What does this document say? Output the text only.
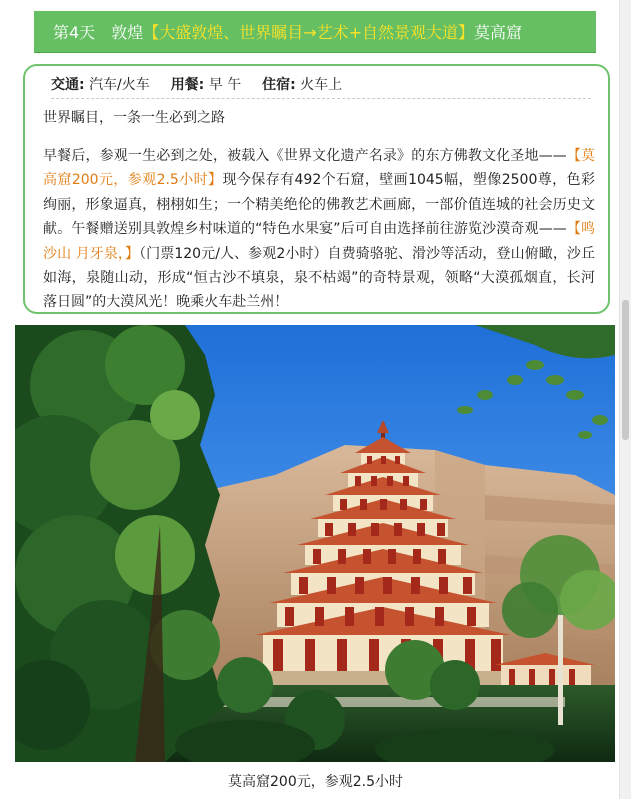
第4天 敦煌 【大盛敦煌、世界瞩目→艺术+自然景观大道】 莫高窟
交通: 汽车/火车 用餐: 早 午 住宿: 火车上
世界瞩目，一条一生必到之路

早餐后，参观一生必到之处，被载入《世界文化遗产名录》的东方佛教文化圣地——【莫高窟200元，参观2.5小时】现今保存有492个石窟，壁画1045幅，塑像2500尊，色彩绚丽，形象逼真，栩栩如生；一个精美绝伦的佛教艺术画廊，一部价值连城的社会历史文献。午餐赠送别具敦煌乡村味道的“特色水果宴”后可自由选择前往游览沙漠奇观——【鸣沙山 月牙泉，】（门票120元/人、参观2小时）自费骑骆驼、滑沙等活动，登山俯瞰，沙丘如海，泉随山动，形成“恒古沙不填泉，泉不枯竭”的奇特景观，领略“大漠孤烟直，长河落日圆”的大漠风光！晚乘火车赴兰州！

莫高窟200元，参观2.5小时
